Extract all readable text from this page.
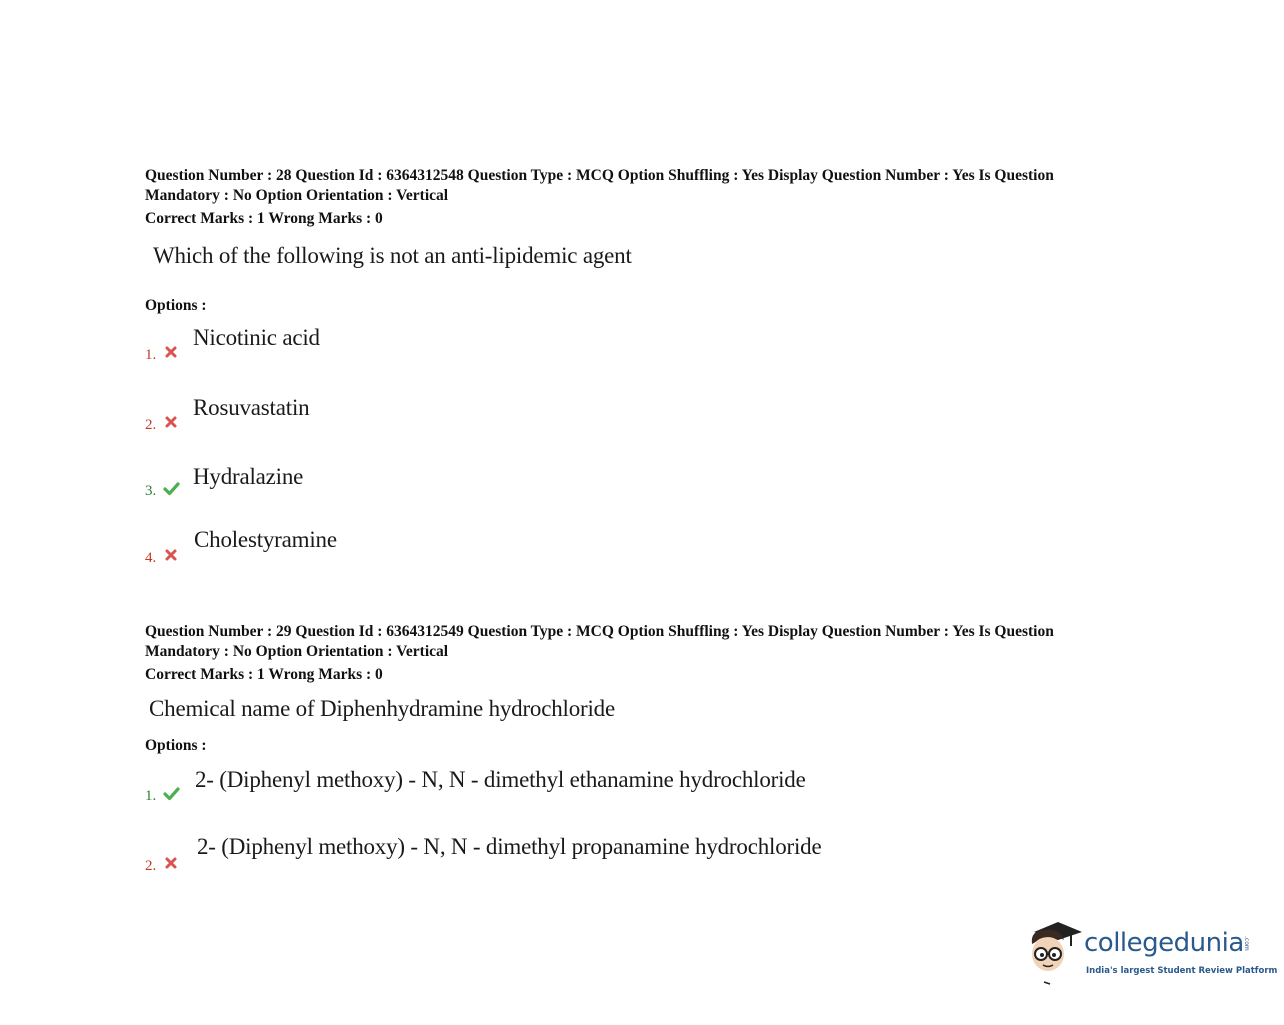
Question Number : 28 Question Id : 6364312548 Question Type : MCQ Option Shuffling : Yes Display Question Number : Yes Is Question Mandatory : No Option Orientation : Vertical

Correct Marks : 1 Wrong Marks : 0
Which of the following is not an anti-lipidemic agent
Options :
1.
Nicotinic acid
2.
Rosuvastatin
3.
Hydralazine
4.
Cholestyramine

Question Number : 29 Question Id : 6364312549 Question Type : MCQ Option Shuffling : Yes Display Question Number : Yes Is Question Mandatory : No Option Orientation : Vertical

Correct Marks : 1 Wrong Marks : 0
Chemical name of Diphenhydramine hydrochloride
Options :
1.
2- (Diphenyl methoxy) - N, N - dimethyl ethanamine hydrochloride
2.
2- (Diphenyl methoxy) - N, N - dimethyl propanamine hydrochloride
collegedunia .com
India's largest Student Review Platform
